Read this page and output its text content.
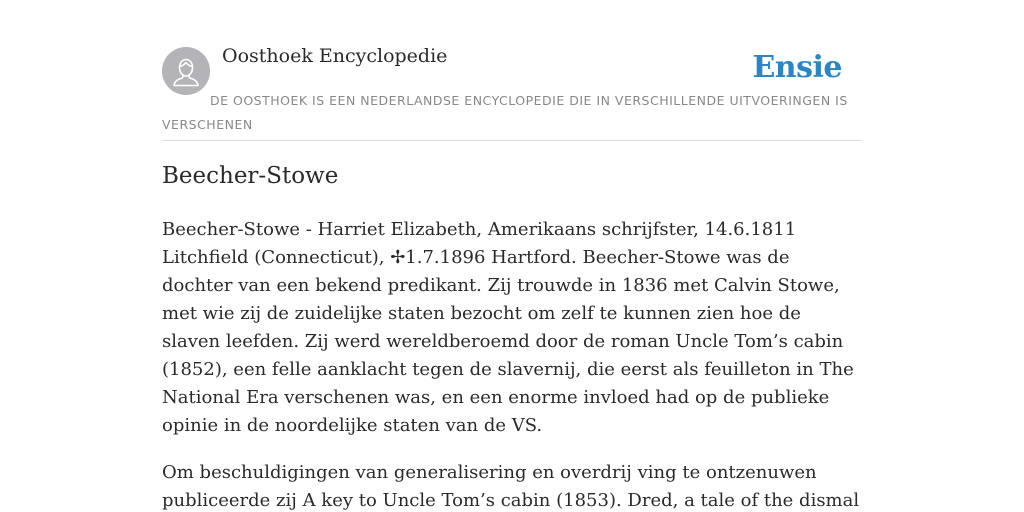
Oosthoek Encyclopedie	Ensie
DE OOSTHOEK IS EEN NEDERLANDSE ENCYCLOPEDIE DIE IN VERSCHILLENDE UITVOERINGEN IS VERSCHENEN
Beecher-Stowe

Beecher-Stowe - Harriet Elizabeth, Amerikaans schrijfster, 14.6.1811 Litchfield (Connecticut), ✢1.7.1896 Hartford. Beecher-Stowe was de dochter van een bekend predikant. Zij trouwde in 1836 met Calvin Stowe, met wie zij de zuidelijke staten bezocht om zelf te kunnen zien hoe de slaven leefden. Zij werd wereldberoemd door de roman Uncle Tom’s cabin (1852), een felle aanklacht tegen de slavernij, die eerst als feuilleton in The National Era verschenen was, en een enorme invloed had op de publieke opinie in de noordelijke staten van de VS.

Om beschuldigingen van generalisering en overdrij ving te ontzenuwen publiceerde zij A key to Uncle Tom’s cabin (1853). Dred, a tale of the dismal
